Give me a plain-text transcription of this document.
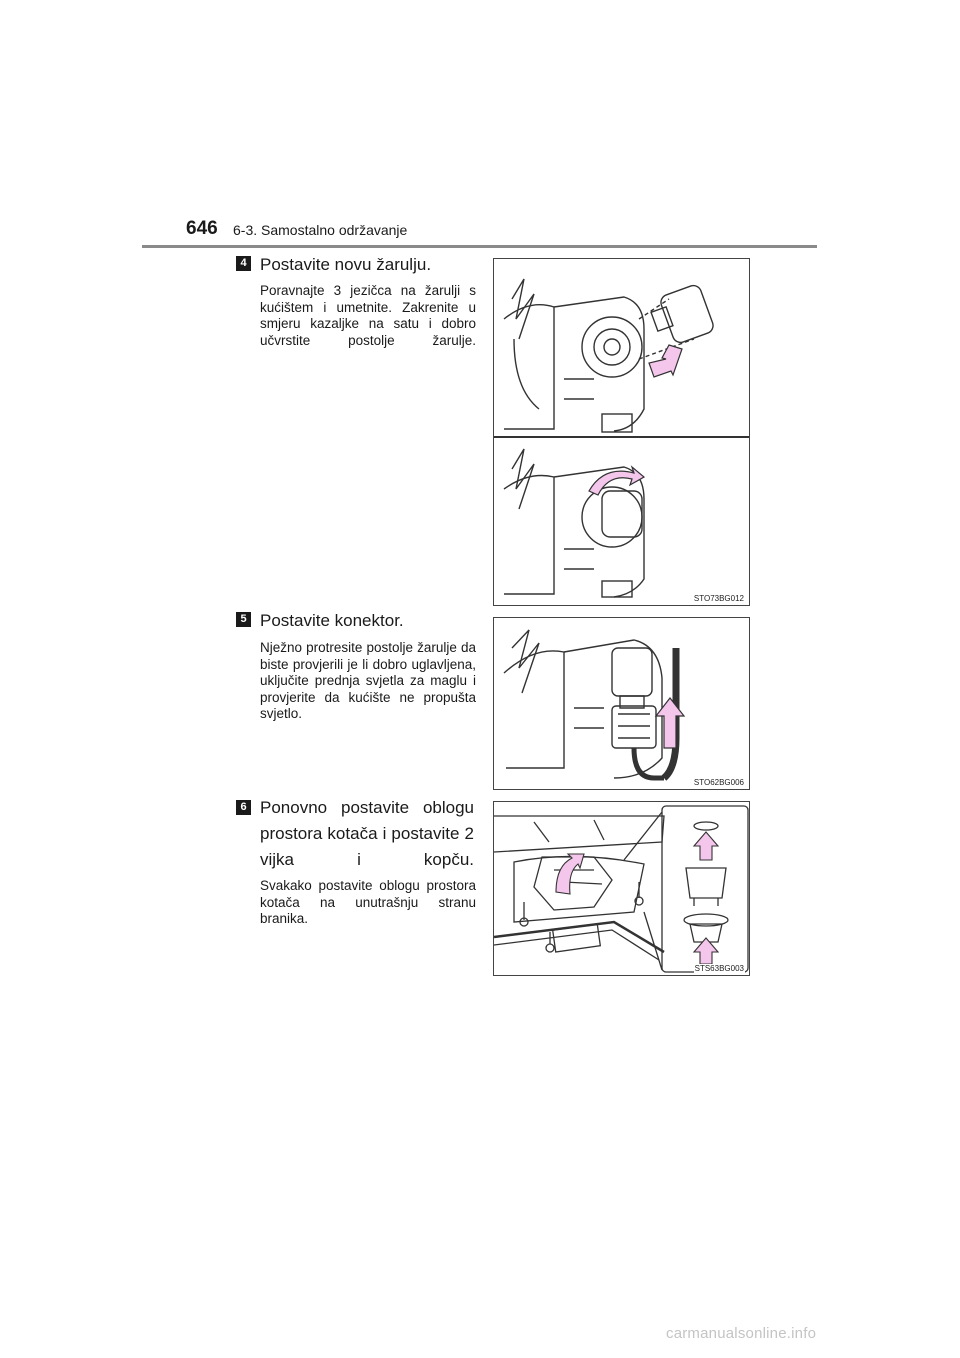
646 6-3. Samostalno održavanje
4 Postavite novu žarulju.
Poravnajte 3 jezičca na žarulji s kućištem i umetnite. Zakrenite u smjeru kazaljke na satu i dobro učvrstite postolje žarulje.
STO73BG012
5 Postavite konektor.
Nježno protresite postolje žarulje da biste provjerili je li dobro uglavljena, uključite prednja svjetla za maglu i provjerite da kućište ne propušta svjetlo.
STO62BG006
6 Ponovno postavite oblogu prostora kotača i postavite 2 vijka i kopču.
Svakako postavite oblogu prostora kotača na unutrašnju stranu branika.
STS63BG003
carmanualsonline.info
